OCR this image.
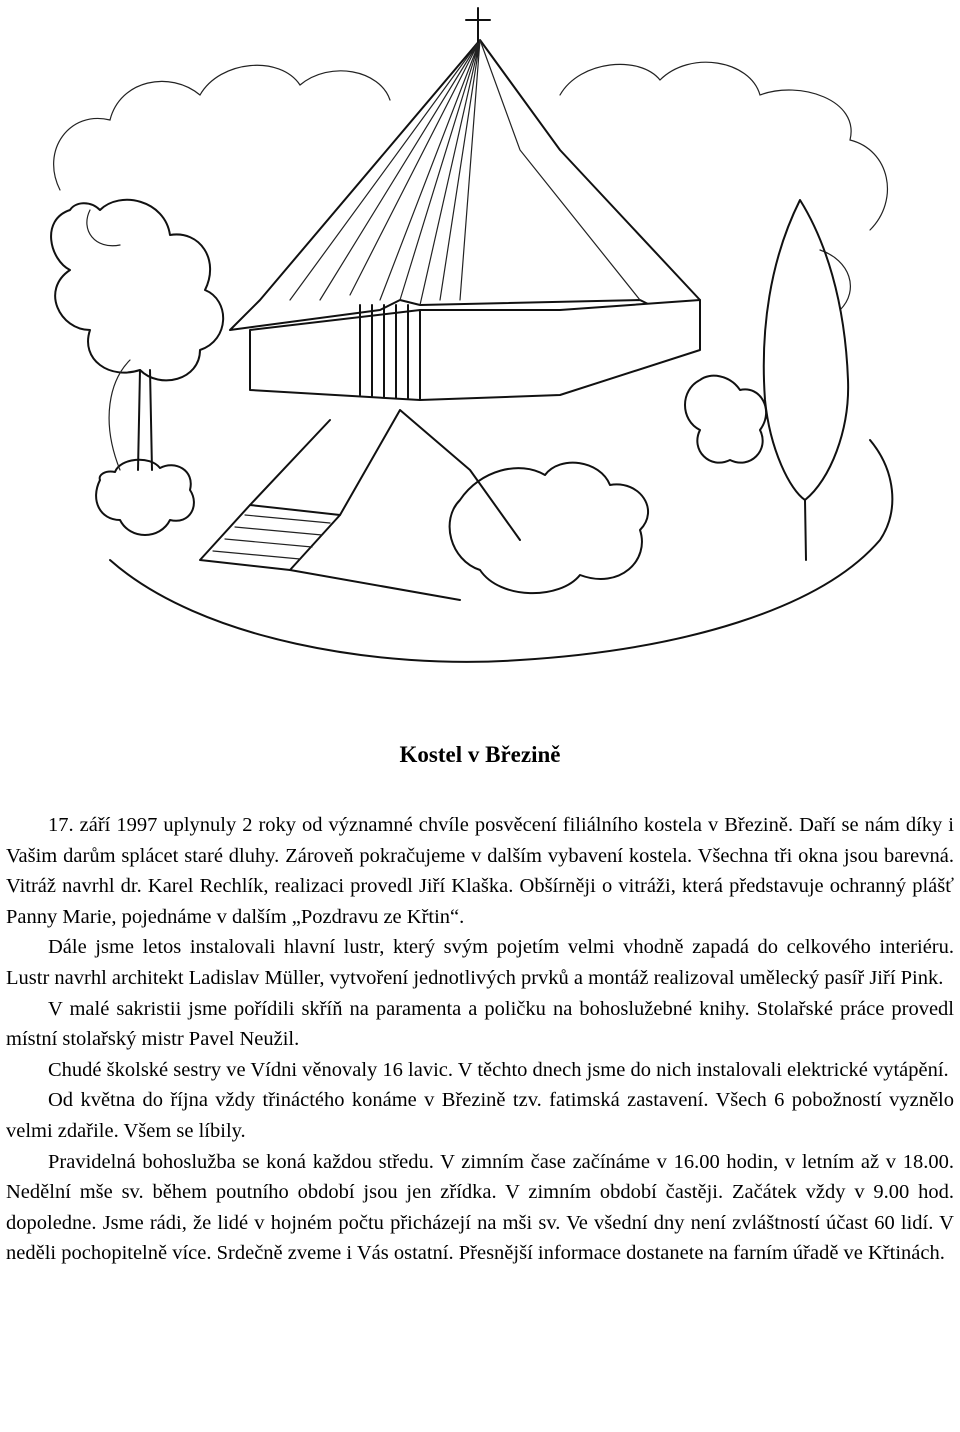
Kostel v Březině

17. září 1997 uplynuly 2 roky od významné chvíle posvěcení filiálního kostela v Březině. Daří se nám díky i Vašim darům splácet staré dluhy. Zároveň pokračujeme v dalším vybavení kostela. Všechna tři okna jsou barevná. Vitráž navrhl dr. Karel Rechlík, realizaci provedl Jiří Klaška. Obšírněji o vitráži, která představuje ochranný plášť Panny Marie, pojednáme v dalším „Pozdravu ze Křtin“.

Dále jsme letos instalovali hlavní lustr, který svým pojetím velmi vhodně zapadá do celkového interiéru. Lustr navrhl architekt Ladislav Müller, vytvoření jednotlivých prvků a montáž realizoval umělecký pasíř Jiří Pink.

V malé sakristii jsme pořídili skříň na paramenta a poličku na bohoslužebné knihy. Stolařské práce provedl místní stolařský mistr Pavel Neužil.

Chudé školské sestry ve Vídni věnovaly 16 lavic. V těchto dnech jsme do nich instalovali elektrické vytápění.

Od května do října vždy třináctého konáme v Březině tzv. fatimská zastavení. Všech 6 pobožností vyznělo velmi zdařile. Všem se líbily.

Pravidelná bohoslužba se koná každou středu. V zimním čase začínáme v 16.00 hodin, v letním až v 18.00. Nedělní mše sv. během poutního období jsou jen zřídka. V zimním období častěji. Začátek vždy v 9.00 hod. dopoledne. Jsme rádi, že lidé v hojném počtu přicházejí na mši sv. Ve všední dny není zvláštností účast 60 lidí. V neděli pochopitelně více. Srdečně zveme i Vás ostatní. Přesnější informace dostanete na farním úřadě ve Křtinách.
